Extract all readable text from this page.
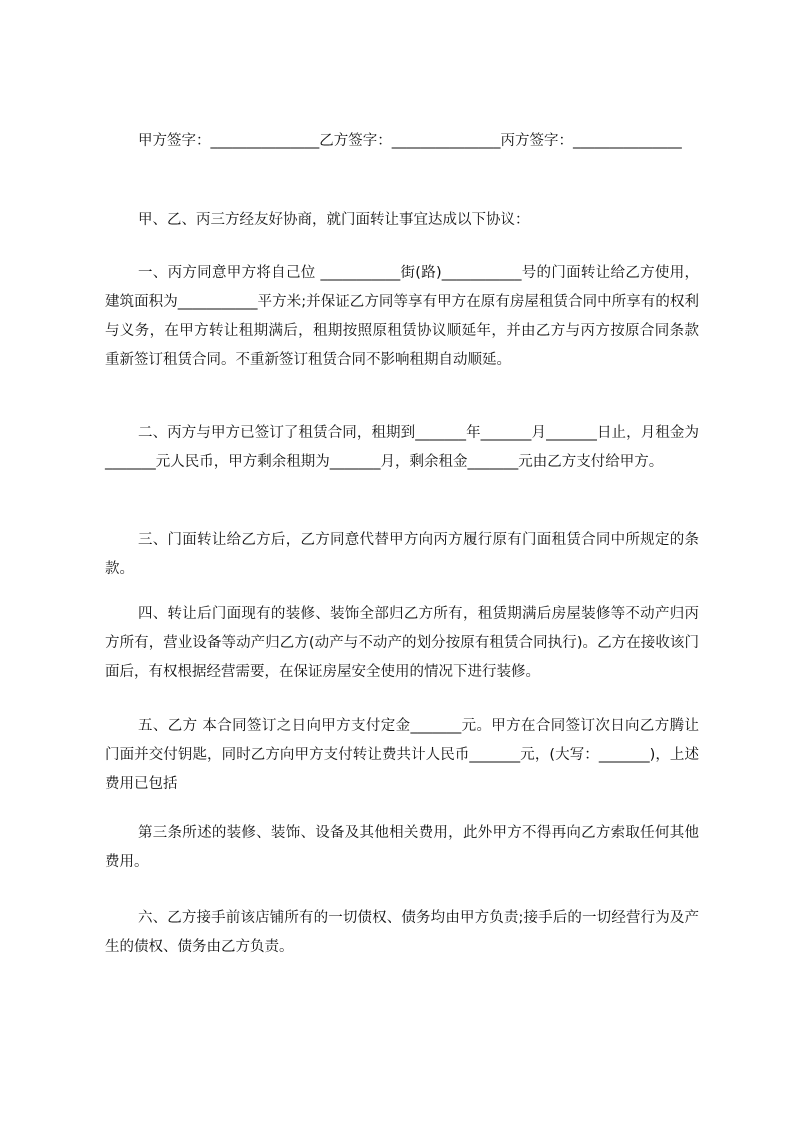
甲方签字：_______________乙方签字：_______________丙方签字：_______________

甲、乙、丙三方经友好协商，就门面转让事宜达成以下协议：

一、丙方同意甲方将自己位 ___________街(路)___________号的门面转让给乙方使用，建筑面积为___________平方米;并保证乙方同等享有甲方在原有房屋租赁合同中所享有的权利与义务，在甲方转让租期满后，租期按照原租赁协议顺延年，并由乙方与丙方按原合同条款重新签订租赁合同。不重新签订租赁合同不影响租期自动顺延。

二、丙方与甲方已签订了租赁合同，租期到_______年_______月_______日止，月租金为_______元人民币，甲方剩余租期为_______月，剩余租金_______元由乙方支付给甲方。

三、门面转让给乙方后，乙方同意代替甲方向丙方履行原有门面租赁合同中所规定的条款。

四、转让后门面现有的装修、装饰全部归乙方所有，租赁期满后房屋装修等不动产归丙方所有，营业设备等动产归乙方(动产与不动产的划分按原有租赁合同执行)。乙方在接收该门面后，有权根据经营需要，在保证房屋安全使用的情况下进行装修。

五、乙方 本合同签订之日向甲方支付定金_______元。甲方在合同签订次日向乙方腾让门面并交付钥匙，同时乙方向甲方支付转让费共计人民币_______元，(大写：_______)，上述费用已包括

第三条所述的装修、装饰、设备及其他相关费用，此外甲方不得再向乙方索取任何其他费用。

六、乙方接手前该店铺所有的一切债权、债务均由甲方负责;接手后的一切经营行为及产生的债权、债务由乙方负责。
